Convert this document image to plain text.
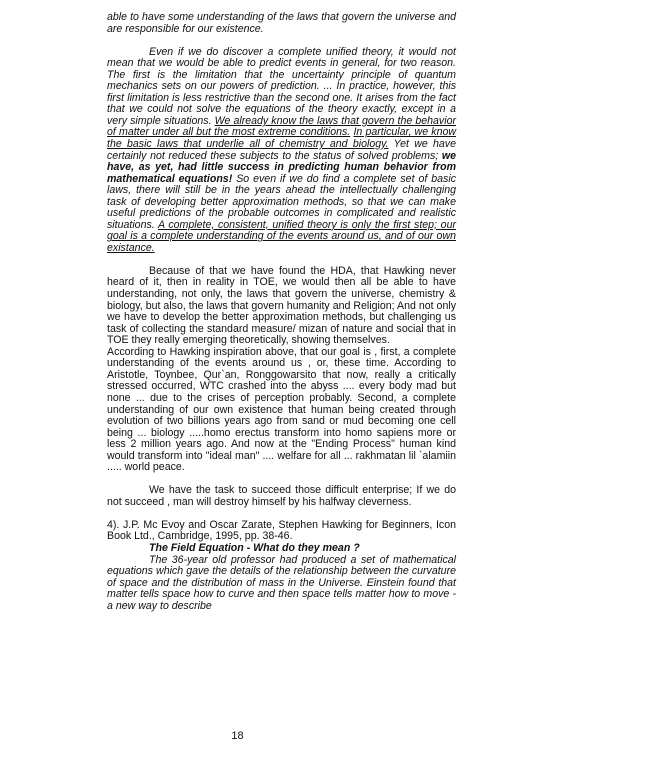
able to have some understanding of the laws that govern the universe and are responsible for our existence.

Even if we do discover a complete unified theory, it would not mean that we would be able to predict events in general, for two reason. The first is the limitation that the uncertainty principle of quantum mechanics sets on our powers of prediction. ... In practice, however, this first limitation is less restrictive than the second one. It arises from the fact that we could not solve the equations of the theory exactly, except in a very simple situations. We already know the laws that govern the behavior of matter under all but the most extreme conditions. In particular, we know the basic laws that underlie all of chemistry and biology. Yet we have certainly not reduced these subjects to the status of solved problems; we have, as yet, had little success in predicting human behavior from mathematical equations! So even if we do find a complete set of basic laws, there will still be in the years ahead the intellectually challenging task of developing better approximation methods, so that we can make useful predictions of the probable outcomes in complicated and realistic situations. A complete, consistent, unified theory is only the first step; our goal is a complete understanding of the events around us, and of our own existance.

Because of that we have found the HDA, that Hawking never heard of it, then in reality in TOE, we would then all be able to have understanding, not only, the laws that govern the universe, chemistry & biology, but also, the laws that govern humanity and Religion; And not only we have to develop the better approximation methods, but challenging us task of collecting the standard measure/ mizan of nature and social that in TOE they really emerging theoretically, showing themselves.

According to Hawking inspiration above, that our goal is , first, a complete understanding of the events around us , or, these time. According to Aristotle, Toynbee, Qur`an, Ronggowarsito that now, really a critically stressed occurred, WTC crashed into the abyss .... every body mad but none ... due to the crises of perception probably. Second, a complete understanding of our own existence that human being created through evolution of two billions years ago from sand or mud becoming one cell being ... biology .....homo erectus transform into homo sapiens more or less 2 million years ago. And now at the "Ending Process" human kind would transform into "ideal man" .... welfare for all ... rakhmatan lil `alamiin ..... world peace.

We have the task to succeed those difficult enterprise; If we do not succeed , man will destroy himself by his halfway cleverness.

4). J.P. Mc Evoy and Oscar Zarate, Stephen Hawking for Beginners, Icon Book Ltd., Cambridge, 1995, pp. 38-46.

The Field Equation - What do they mean ?

The 36-year old professor had produced a set of mathematical equations which gave the details of the relationship between the curvature of space and the distribution of mass in the Universe. Einstein found that matter tells space how to curve and then space tells matter how to move - a new way to describe

18
